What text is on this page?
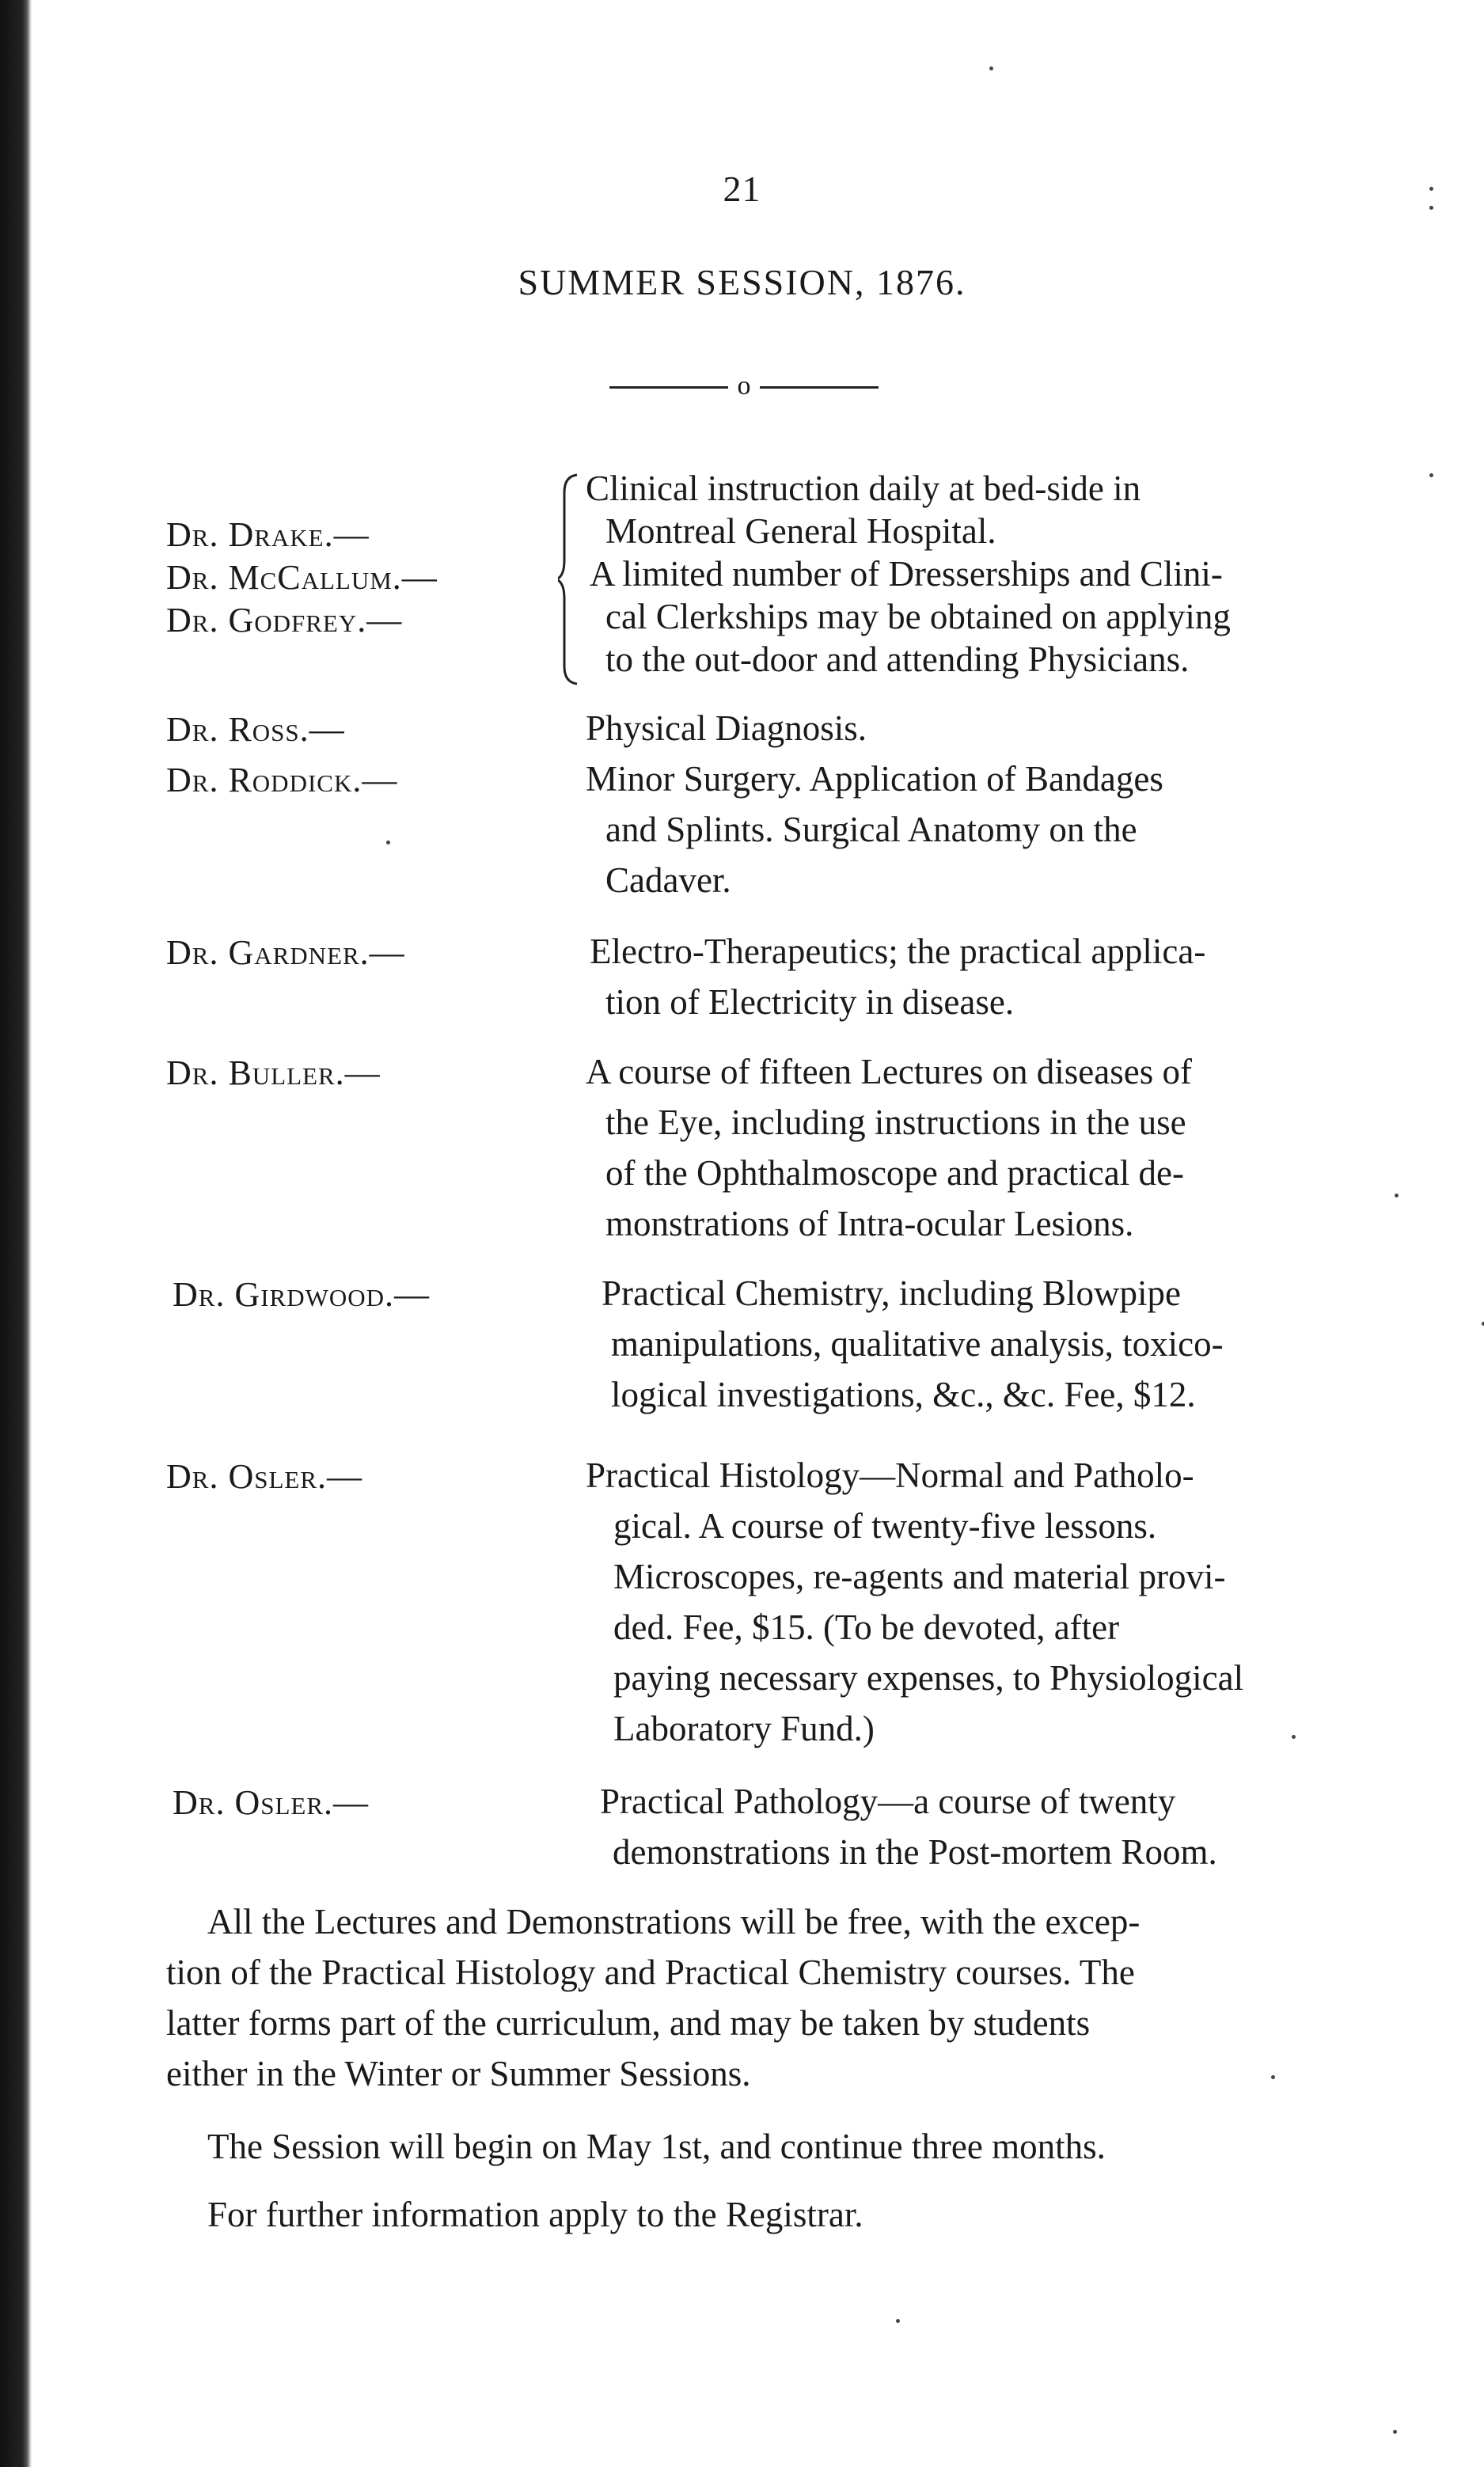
21
SUMMER SESSION, 1876.
o
Dr. Drake.—
Dr. McCallum.—
Dr. Godfrey.—
Clinical instruction daily at bed-side in
Montreal General Hospital.
A limited number of Dresserships and Clini-
cal Clerkships may be obtained on applying
to the out-door and attending Physicians.
Dr. Ross.—	Physical Diagnosis.
Dr. Roddick.—	Minor Surgery. Application of Bandages
and Splints. Surgical Anatomy on the
Cadaver.
Dr. Gardner.—	Electro-Therapeutics; the practical applica-
tion of Electricity in disease.
Dr. Buller.—	A course of fifteen Lectures on diseases of
the Eye, including instructions in the use
of the Ophthalmoscope and practical de-
monstrations of Intra-ocular Lesions.
Dr. Girdwood.—	Practical Chemistry, including Blowpipe
manipulations, qualitative analysis, toxico-
logical investigations, &c., &c. Fee, $12.
Dr. Osler.—	Practical Histology—Normal and Patholo-
gical. A course of twenty-five lessons.
Microscopes, re-agents and material provi-
ded. Fee, $15. (To be devoted, after
paying necessary expenses, to Physiological
Laboratory Fund.)
Dr. Osler.—	Practical Pathology—a course of twenty
demonstrations in the Post-mortem Room.
All the Lectures and Demonstrations will be free, with the excep-
tion of the Practical Histology and Practical Chemistry courses. The
latter forms part of the curriculum, and may be taken by students
either in the Winter or Summer Sessions.
The Session will begin on May 1st, and continue three months.
For further information apply to the Registrar.
